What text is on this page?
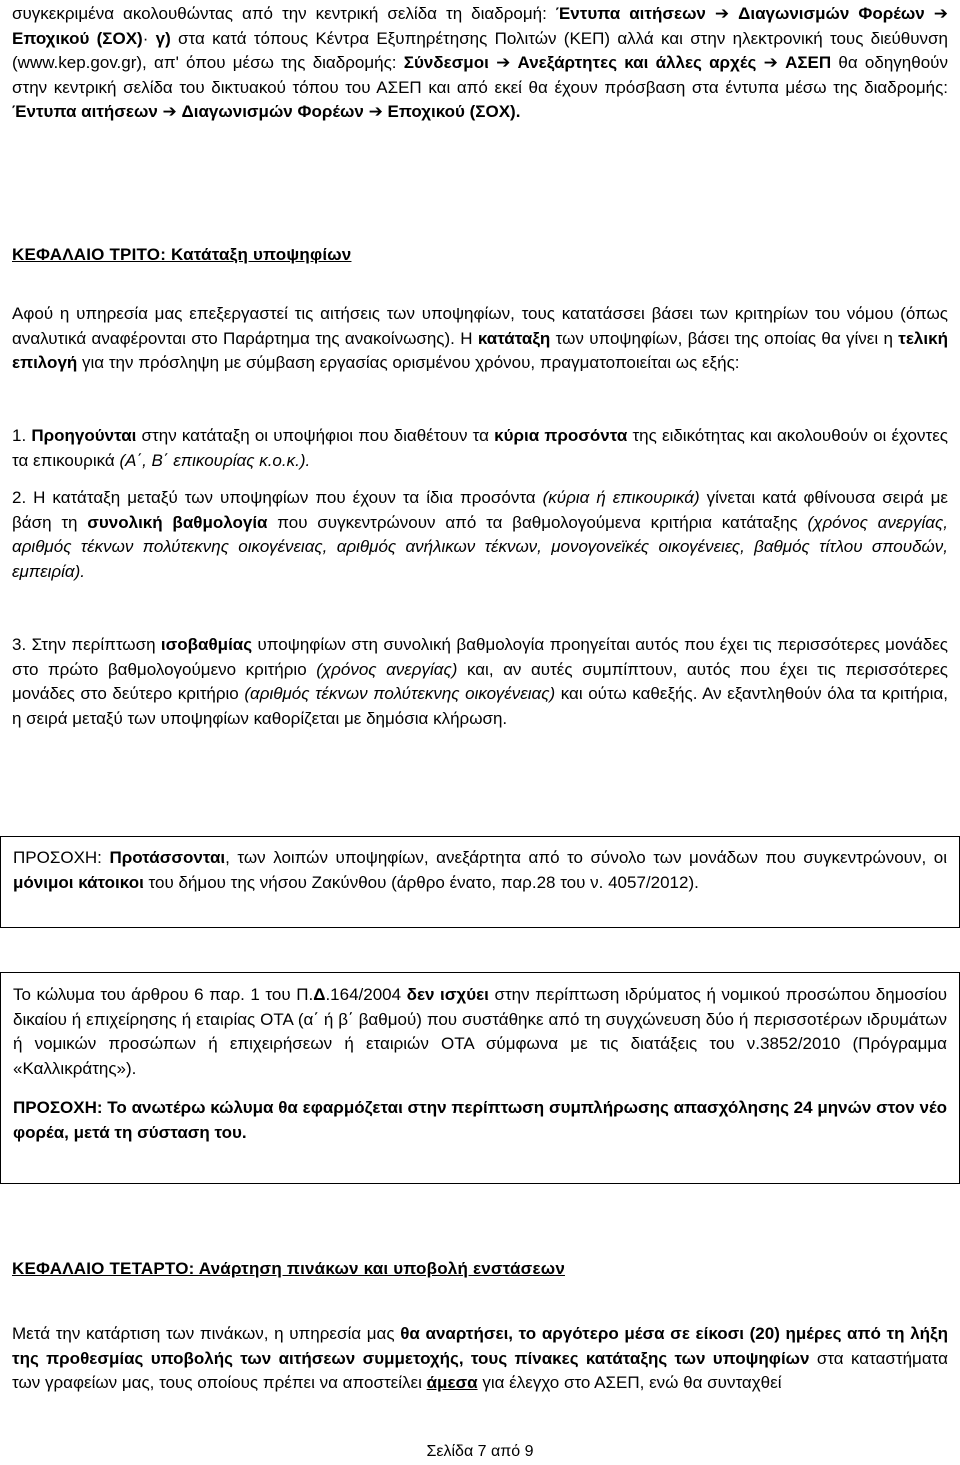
συγκεκριμένα ακολουθώντας από την κεντρική σελίδα τη διαδρομή: Έντυπα αιτήσεων ➔ Διαγωνισμών Φορέων ➔ Εποχικού (ΣΟΧ)· γ) στα κατά τόπους Κέντρα Εξυπηρέτησης Πολιτών (ΚΕΠ) αλλά και στην ηλεκτρονική τους διεύθυνση (www.kep.gov.gr), απ' όπου μέσω της διαδρομής: Σύνδεσμοι ➔ Ανεξάρτητες και άλλες αρχές ➔ ΑΣΕΠ θα οδηγηθούν στην κεντρική σελίδα του δικτυακού τόπου του ΑΣΕΠ και από εκεί θα έχουν πρόσβαση στα έντυπα μέσω της διαδρομής: Έντυπα αιτήσεων ➔ Διαγωνισμών Φορέων ➔ Εποχικού (ΣΟΧ).

ΚΕΦΑΛΑΙΟ ΤΡΙΤΟ: Κατάταξη υποψηφίων

Αφού η υπηρεσία μας επεξεργαστεί τις αιτήσεις των υποψηφίων, τους κατατάσσει βάσει των κριτηρίων του νόμου (όπως αναλυτικά αναφέρονται στο Παράρτημα της ανακοίνωσης). Η κατάταξη των υποψηφίων, βάσει της οποίας θα γίνει η τελική επιλογή για την πρόσληψη με σύμβαση εργασίας ορισμένου χρόνου, πραγματοποιείται ως εξής:

1. Προηγούνται στην κατάταξη οι υποψήφιοι που διαθέτουν τα κύρια προσόντα της ειδικότητας και ακολουθούν οι έχοντες τα επικουρικά (Α΄, Β΄ επικουρίας κ.ο.κ.).

2. Η κατάταξη μεταξύ των υποψηφίων που έχουν τα ίδια προσόντα (κύρια ή επικουρικά) γίνεται κατά φθίνουσα σειρά με βάση τη συνολική βαθμολογία που συγκεντρώνουν από τα βαθμολογούμενα κριτήρια κατάταξης (χρόνος ανεργίας, αριθμός τέκνων πολύτεκνης οικογένειας, αριθμός ανήλικων τέκνων, μονογονεϊκές οικογένειες, βαθμός τίτλου σπουδών, εμπειρία).

3. Στην περίπτωση ισοβαθμίας υποψηφίων στη συνολική βαθμολογία προηγείται αυτός που έχει τις περισσότερες μονάδες στο πρώτο βαθμολογούμενο κριτήριο (χρόνος ανεργίας) και, αν αυτές συμπίπτουν, αυτός που έχει τις περισσότερες μονάδες στο δεύτερο κριτήριο (αριθμός τέκνων πολύτεκνης οικογένειας) και ούτω καθεξής. Αν εξαντληθούν όλα τα κριτήρια, η σειρά μεταξύ των υποψηφίων καθορίζεται με δημόσια κλήρωση.

ΠΡΟΣΟΧΗ: Προτάσσονται, των λοιπών υποψηφίων, ανεξάρτητα από το σύνολο των μονάδων που συγκεντρώνουν, οι μόνιμοι κάτοικοι του δήμου της νήσου Ζακύνθου (άρθρο ένατο, παρ.28 του ν. 4057/2012).

Το κώλυμα του άρθρου 6 παρ. 1 του Π.Δ.164/2004 δεν ισχύει στην περίπτωση ιδρύματος ή νομικού προσώπου δημοσίου δικαίου ή επιχείρησης ή εταιρίας ΟΤΑ (α΄ ή β΄ βαθμού) που συστάθηκε από τη συγχώνευση δύο ή περισσοτέρων ιδρυμάτων ή νομικών προσώπων ή επιχειρήσεων ή εταιριών ΟΤΑ σύμφωνα με τις διατάξεις του ν.3852/2010 (Πρόγραμμα «Καλλικράτης»).

ΠΡΟΣΟΧΗ: Το ανωτέρω κώλυμα θα εφαρμόζεται στην περίπτωση συμπλήρωσης απασχόλησης 24 μηνών στον νέο φορέα, μετά τη σύσταση του.

ΚΕΦΑΛΑΙΟ ΤΕΤΑΡΤΟ: Ανάρτηση πινάκων και υποβολή ενστάσεων

Μετά την κατάρτιση των πινάκων, η υπηρεσία μας θα αναρτήσει, το αργότερο μέσα σε είκοσι (20) ημέρες από τη λήξη της προθεσμίας υποβολής των αιτήσεων συμμετοχής, τους πίνακες κατάταξης των υποψηφίων στα καταστήματα των γραφείων μας, τους οποίους πρέπει να αποστείλει άμεσα για έλεγχο στο ΑΣΕΠ, ενώ θα συνταχθεί

Σελίδα 7 από 9
